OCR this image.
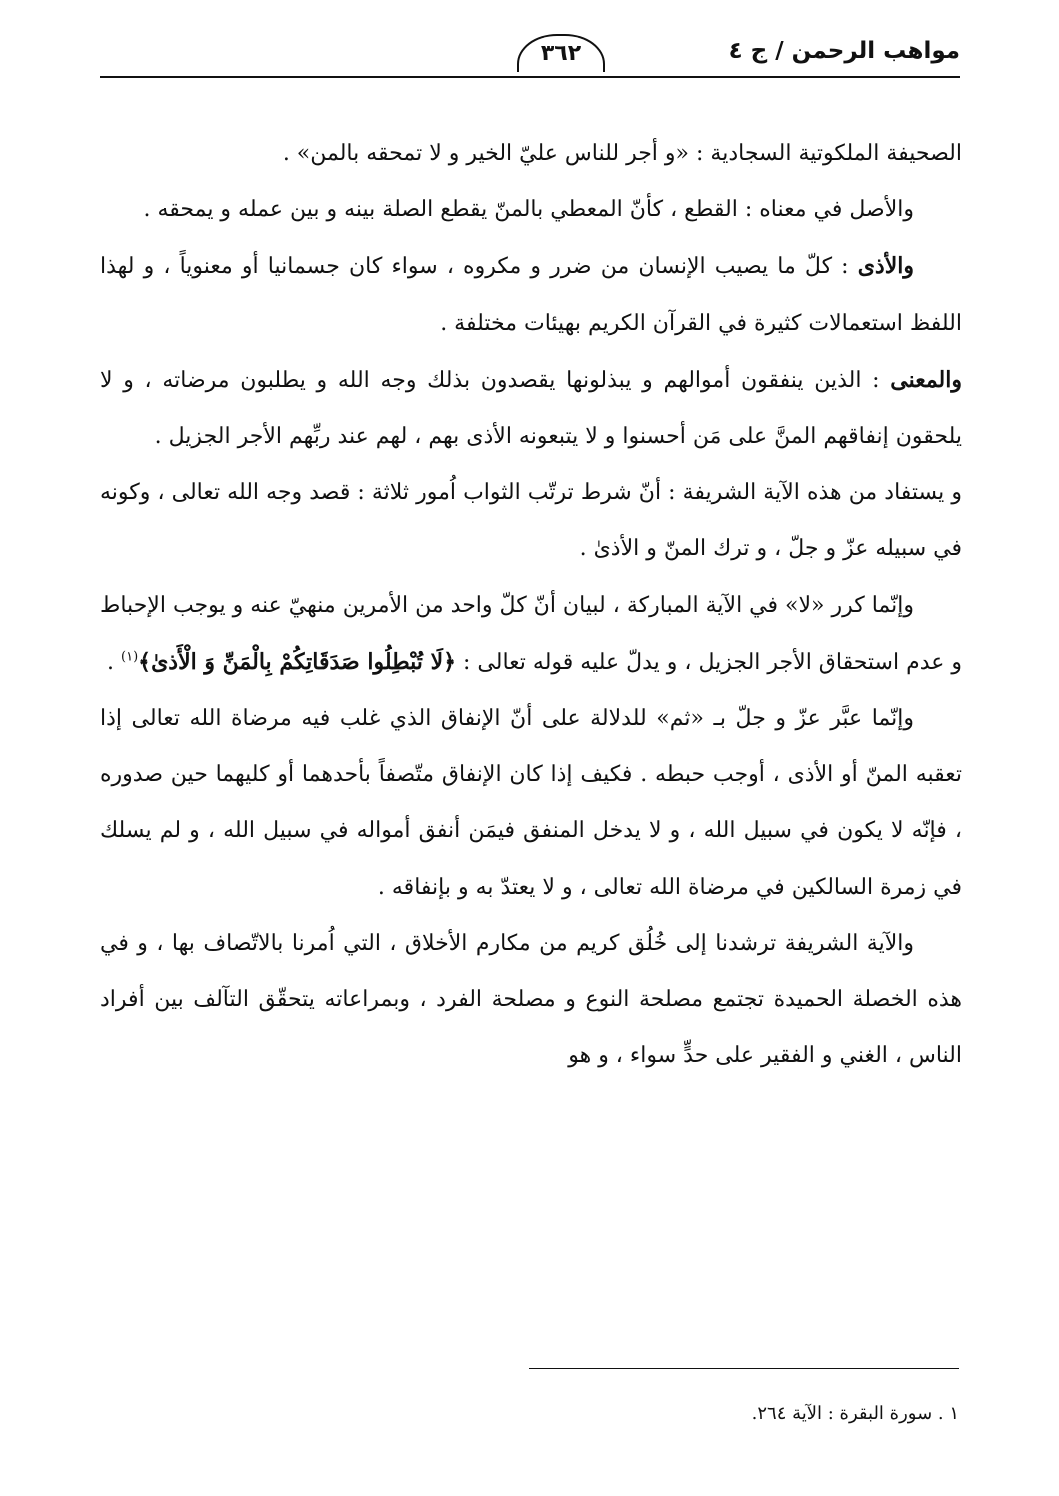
مواهب الرحمن / ج ٤
٣٦٢

الصحيفة الملكوتية السجادية : «و أجر للناس عليّ الخير و لا تمحقه بالمن» .

والأصل في معناه : القطع ، كأنّ المعطي بالمنّ يقطع الصلة بينه و بين عمله و يمحقه .

والأذى : كلّ ما يصيب الإنسان من ضرر و مكروه ، سواء كان جسمانيا أو معنوياً ، و لهذا اللفظ استعمالات كثيرة في القرآن الكريم بهيئات مختلفة .

والمعنى : الذين ينفقون أموالهم و يبذلونها يقصدون بذلك وجه الله و يطلبون مرضاته ، و لا يلحقون إنفاقهم المنَّ على مَن أحسنوا و لا يتبعونه الأذى بهم ، لهم عند ربِّهم الأجر الجزيل .

و يستفاد من هذه الآية الشريفة : أنّ شرط ترتّب الثواب اُمور ثلاثة : قصد وجه الله تعالى ، وكونه في سبيله عزّ و جلّ ، و ترك المنّ و الأذىٰ .

وإنّما كرر «لا» في الآية المباركة ، لبيان أنّ كلّ واحد من الأمرين منهيّ عنه و يوجب الإحباط و عدم استحقاق الأجر الجزيل ، و يدلّ عليه قوله تعالى : ﴿لَا تُبْطِلُوا صَدَقَاتِكُمْ بِالْمَنِّ وَ الْأَذىٰ﴾$^{(١)}$ .

وإنّما عبَّر عزّ و جلّ بـ «ثم» للدلالة على أنّ الإنفاق الذي غلب فيه مرضاة الله تعالى إذا تعقبه المنّ أو الأذى ، أوجب حبطه . فكيف إذا كان الإنفاق متّصفاً بأحدهما أو كليهما حين صدوره ، فإنّه لا يكون في سبيل الله ، و لا يدخل المنفق فيمَن أنفق أمواله في سبيل الله ، و لم يسلك في زمرة السالكين في مرضاة الله تعالى ، و لا يعتدّ به و بإنفاقه .

والآية الشريفة ترشدنا إلى خُلُق كريم من مكارم الأخلاق ، التي اُمرنا بالاتّصاف بها ، و في هذه الخصلة الحميدة تجتمع مصلحة النوع و مصلحة الفرد ، وبمراعاته يتحقّق التآلف بين أفراد الناس ، الغني و الفقير على حدٍّ سواء ، و هو

١ . سورة البقرة : الآية ٢٦٤.
